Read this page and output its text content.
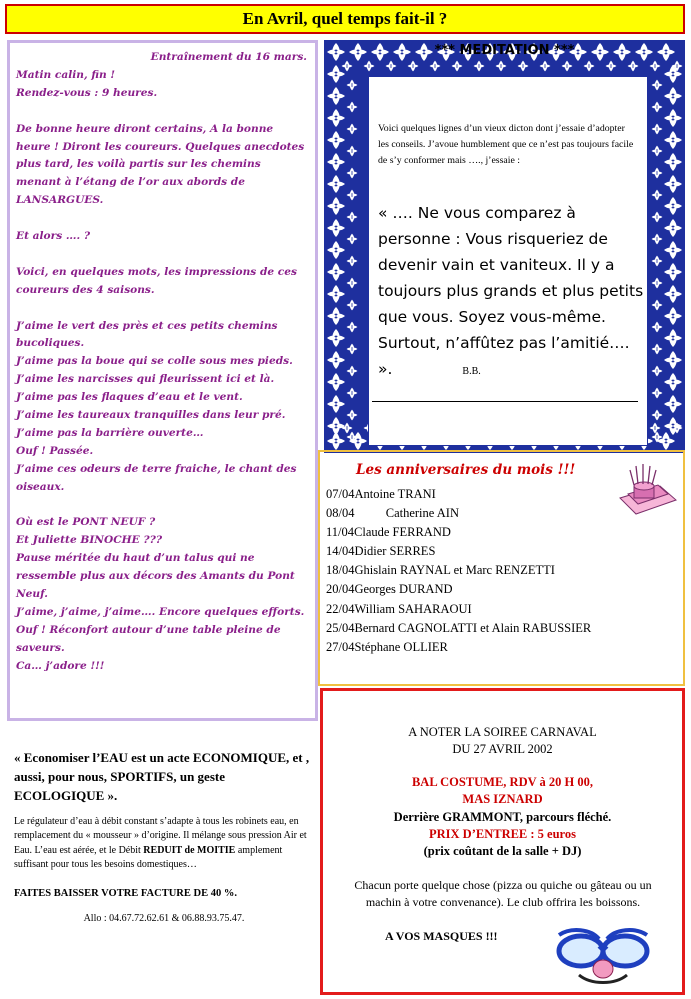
En Avril, quel temps fait-il ?
Entraînement du 16 mars.

Matin calin, fin !

Rendez-vous : 9 heures.

De bonne heure diront certains, A la bonne heure ! Diront les coureurs. Quelques anecdotes plus tard, les voilà partis sur les chemins menant à l’étang de l’or aux abords de LANSARGUES.

Et alors …. ?

Voici, en quelques mots, les impressions de ces coureurs des 4 saisons.

J’aime le vert des près et ces petits chemins bucoliques.

J’aime pas la boue qui se colle sous mes pieds.

J’aime les narcisses qui fleurissent ici et là.

J’aime pas les flaques d’eau et le vent.

J’aime les taureaux tranquilles dans leur pré.

J’aime pas la barrière ouverte…

Ouf ! Passée.

J’aime ces odeurs de terre fraiche, le chant des oiseaux.

Où est le PONT NEUF ?

Et Juliette BINOCHE ???

Pause méritée du haut d’un talus qui ne ressemble plus aux décors des Amants du Pont Neuf.

J’aime, j’aime, j’aime…. Encore quelques efforts. Ouf ! Réconfort autour d’une table pleine de saveurs.

Ca… j’adore !!!

« Economiser l’EAU est un acte ECONOMIQUE, et , aussi, pour nous, SPORTIFS, un geste ECOLOGIQUE ».
Le régulateur d’eau à débit constant s’adapte à tous les robinets eau, en remplacement du « mousseur » d’origine. Il mélange sous pression Air et Eau. L’eau est aérée, et le Débit REDUIT de MOITIE amplement suffisant pour tous les besoins domestiques…
FAITES BAISSER VOTRE FACTURE DE 40 %.
Allo : 04.67.72.62.61 & 06.88.93.75.47.
*** MEDITATION ***
Voici quelques lignes d’un vieux dicton dont j’essaie d’adopter les conseils. J’avoue humblement que ce n’est pas toujours facile de s’y conformer mais …., j’essaie :
« …. Ne vous comparez à personne : Vous risqueriez de devenir vain et vaniteux. Il y a toujours plus grands et plus petits que vous. Soyez vous-même. Surtout, n’affûtez pas l’amitié…. ».	B.B.
Les anniversaires du mois !!!
07/04Antoine TRANI
08/04          Catherine AIN
11/04Claude FERRAND
14/04Didier SERRES
18/04Ghislain RAYNAL et Marc RENZETTI
20/04Georges DURAND
22/04William SAHARAOUI
25/04Bernard CAGNOLATTI et Alain RABUSSIER
27/04Stéphane OLLIER
A NOTER LA SOIREE CARNAVAL
DU 27 AVRIL 2002
BAL COSTUME, RDV à 20 H 00,
MAS IZNARD
Derrière GRAMMONT, parcours fléché.
PRIX D’ENTREE : 5 euros
(prix coûtant de la salle + DJ)
Chacun porte quelque chose (pizza ou quiche ou gâteau ou un machin à votre convenance). Le club offrira les boissons.
A VOS MASQUES !!!
